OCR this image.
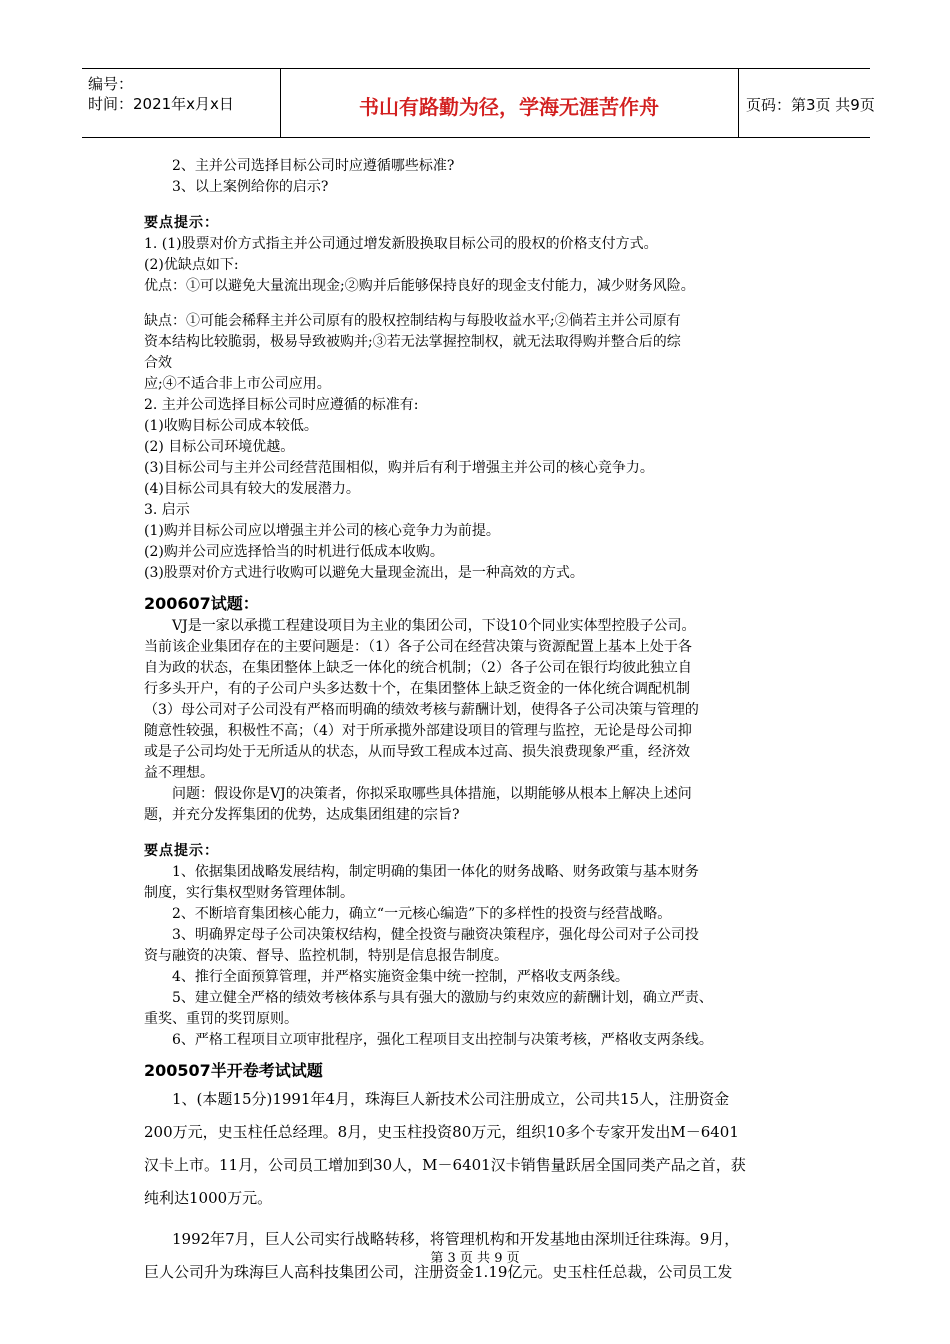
编号：
时间：2021年x月x日	书山有路勤为径，学海无涯苦作舟	页码：第3页 共9页
2、主并公司选择目标公司时应遵循哪些标准?
3、以上案例给你的启示?
要点提示：
1. (1)股票对价方式指主并公司通过增发新股换取目标公司的股权的价格支付方式。
(2)优缺点如下:
优点：①可以避免大量流出现金;②购并后能够保持良好的现金支付能力，减少财务风险。
缺点：①可能会稀释主并公司原有的股权控制结构与每股收益水平;②倘若主并公司原有
资本结构比较脆弱，极易导致被购并;③若无法掌握控制权，就无法取得购并整合后的综
合效
应;④不适合非上市公司应用。
2. 主并公司选择目标公司时应遵循的标准有:
(1)收购目标公司成本较低。
(2) 目标公司环境优越。
(3)目标公司与主并公司经营范围相似，购并后有利于增强主并公司的核心竞争力。
(4)目标公司具有较大的发展潜力。
3. 启示
(1)购并目标公司应以增强主并公司的核心竞争力为前提。
(2)购并公司应选择恰当的时机进行低成本收购。
(3)股票对价方式进行收购可以避免大量现金流出，是一种高效的方式。
200607试题：
VJ是一家以承揽工程建设项目为主业的集团公司，下设10个同业实体型控股子公司。
当前该企业集团存在的主要问题是：（1）各子公司在经营决策与资源配置上基本上处于各
自为政的状态，在集团整体上缺乏一体化的统合机制；（2）各子公司在银行均彼此独立自
行多头开户，有的子公司户头多达数十个，在集团整体上缺乏资金的一体化统合调配机制
（3）母公司对子公司没有严格而明确的绩效考核与薪酬计划，使得各子公司决策与管理的
随意性较强，积极性不高；（4）对于所承揽外部建设项目的管理与监控，无论是母公司抑
或是子公司均处于无所适从的状态，从而导致工程成本过高、损失浪费现象严重，经济效
益不理想。
问题：假设你是VJ的决策者，你拟采取哪些具体措施，以期能够从根本上解决上述问
题，并充分发挥集团的优势，达成集团组建的宗旨?
要点提示：
1、依据集团战略发展结构，制定明确的集团一体化的财务战略、财务政策与基本财务
制度，实行集权型财务管理体制。
2、不断培育集团核心能力，确立“一元核心编造”下的多样性的投资与经营战略。
3、明确界定母子公司决策权结构，健全投资与融资决策程序，强化母公司对子公司投
资与融资的决策、督导、监控机制，特别是信息报告制度。
4、推行全面预算管理，并严格实施资金集中统一控制，严格收支两条线。
5、建立健全严格的绩效考核体系与具有强大的激励与约束效应的薪酬计划，确立严责、
重奖、重罚的奖罚原则。
6、严格工程项目立项审批程序，强化工程项目支出控制与决策考核，严格收支两条线。
200507半开卷考试试题
1、(本题15分)1991年4月，珠海巨人新技术公司注册成立，公司共15人，注册资金
200万元，史玉柱任总经理。8月，史玉柱投资80万元，组织10多个专家开发出M－6401
汉卡上市。11月，公司员工增加到30人，M－6401汉卡销售量跃居全国同类产品之首，获
纯利达1000万元。
1992年7月，巨人公司实行战略转移，将管理机构和开发基地由深圳迁往珠海。9月，
巨人公司升为珠海巨人高科技集团公司，注册资金1.19亿元。史玉柱任总裁，公司员工发
第 3 页 共 9 页
